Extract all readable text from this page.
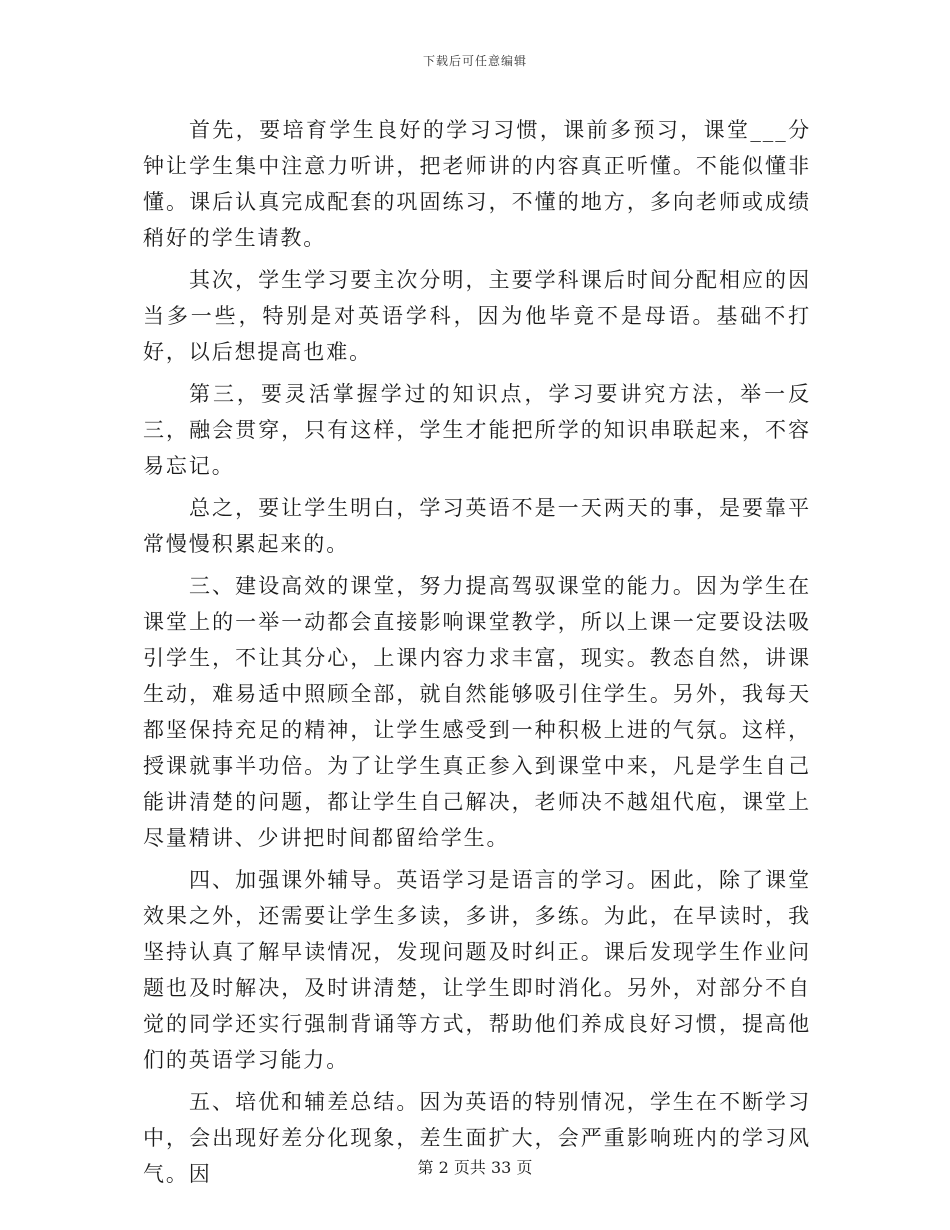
下载后可任意编辑

首先，要培育学生良好的学习习惯，课前多预习，课堂___分钟让学生集中注意力听讲，把老师讲的内容真正听懂。不能似懂非懂。课后认真完成配套的巩固练习，不懂的地方，多向老师或成绩稍好的学生请教。

其次，学生学习要主次分明，主要学科课后时间分配相应的因当多一些，特别是对英语学科，因为他毕竟不是母语。基础不打好，以后想提高也难。

第三，要灵活掌握学过的知识点，学习要讲究方法，举一反三，融会贯穿，只有这样，学生才能把所学的知识串联起来，不容易忘记。

总之，要让学生明白，学习英语不是一天两天的事，是要靠平常慢慢积累起来的。

三、建设高效的课堂，努力提高驾驭课堂的能力。因为学生在课堂上的一举一动都会直接影响课堂教学，所以上课一定要设法吸引学生，不让其分心，上课内容力求丰富，现实。教态自然，讲课生动，难易适中照顾全部，就自然能够吸引住学生。另外，我每天都坚保持充足的精神，让学生感受到一种积极上进的气氛。这样，授课就事半功倍。为了让学生真正参入到课堂中来，凡是学生自己能讲清楚的问题，都让学生自己解决，老师决不越俎代庖，课堂上尽量精讲、少讲把时间都留给学生。

四、加强课外辅导。英语学习是语言的学习。困此，除了课堂效果之外，还需要让学生多读，多讲，多练。为此，在早读时，我坚持认真了解早读情况，发现问题及时纠正。课后发现学生作业问题也及时解决，及时讲清楚，让学生即时消化。另外，对部分不自觉的同学还实行强制背诵等方式，帮助他们养成良好习惯，提高他们的英语学习能力。

五、培优和辅差总结。因为英语的特别情况，学生在不断学习中，会出现好差分化现象，差生面扩大，会严重影响班内的学习风气。因	第 2 页共 33 页
